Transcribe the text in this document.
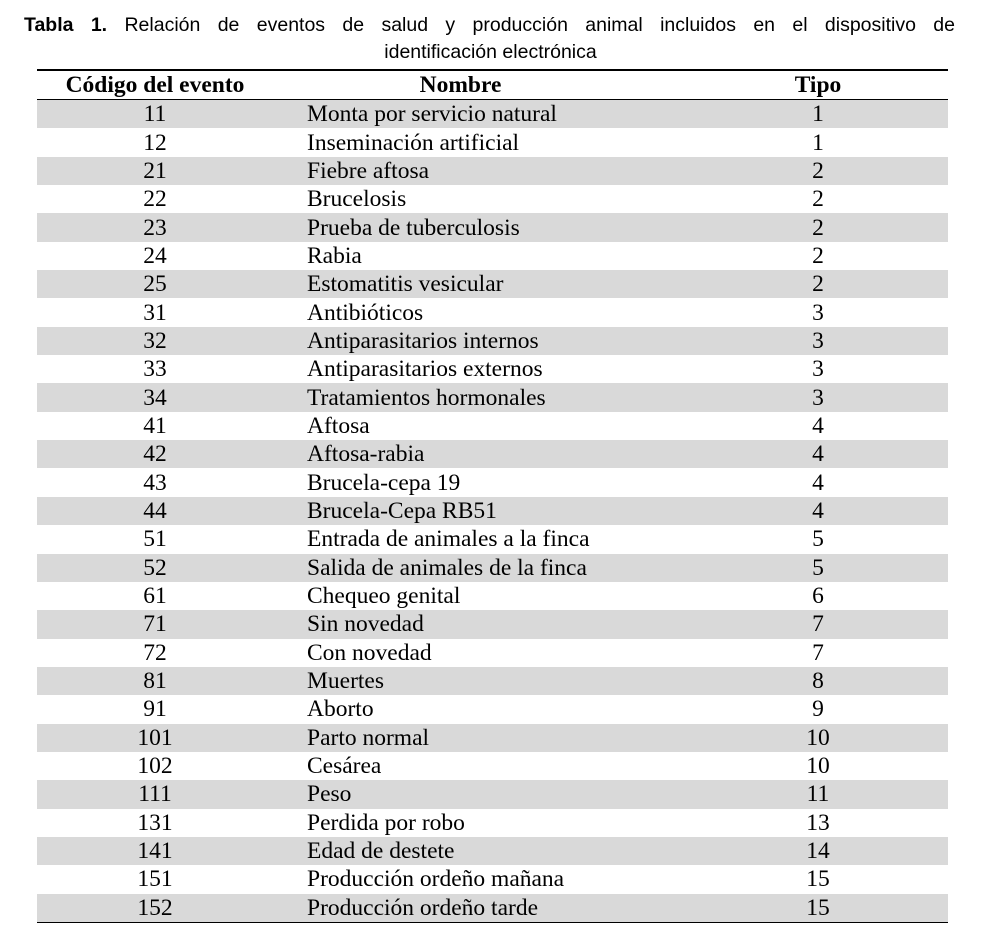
Tabla 1. Relación de eventos de salud y producción animal incluidos en el dispositivo de
identificación electrónica
Código del evento	Nombre	Tipo
11	Monta por servicio natural	1
12	Inseminación artificial	1
21	Fiebre aftosa	2
22	Brucelosis	2
23	Prueba de tuberculosis	2
24	Rabia	2
25	Estomatitis vesicular	2
31	Antibióticos	3
32	Antiparasitarios internos	3
33	Antiparasitarios externos	3
34	Tratamientos hormonales	3
41	Aftosa	4
42	Aftosa-rabia	4
43	Brucela-cepa 19	4
44	Brucela-Cepa RB51	4
51	Entrada de animales a la finca	5
52	Salida de animales de la finca	5
61	Chequeo genital	6
71	Sin novedad	7
72	Con novedad	7
81	Muertes	8
91	Aborto	9
101	Parto normal	10
102	Cesárea	10
111	Peso	11
131	Perdida por robo	13
141	Edad de destete	14
151	Producción ordeño mañana	15
152	Producción ordeño tarde	15
